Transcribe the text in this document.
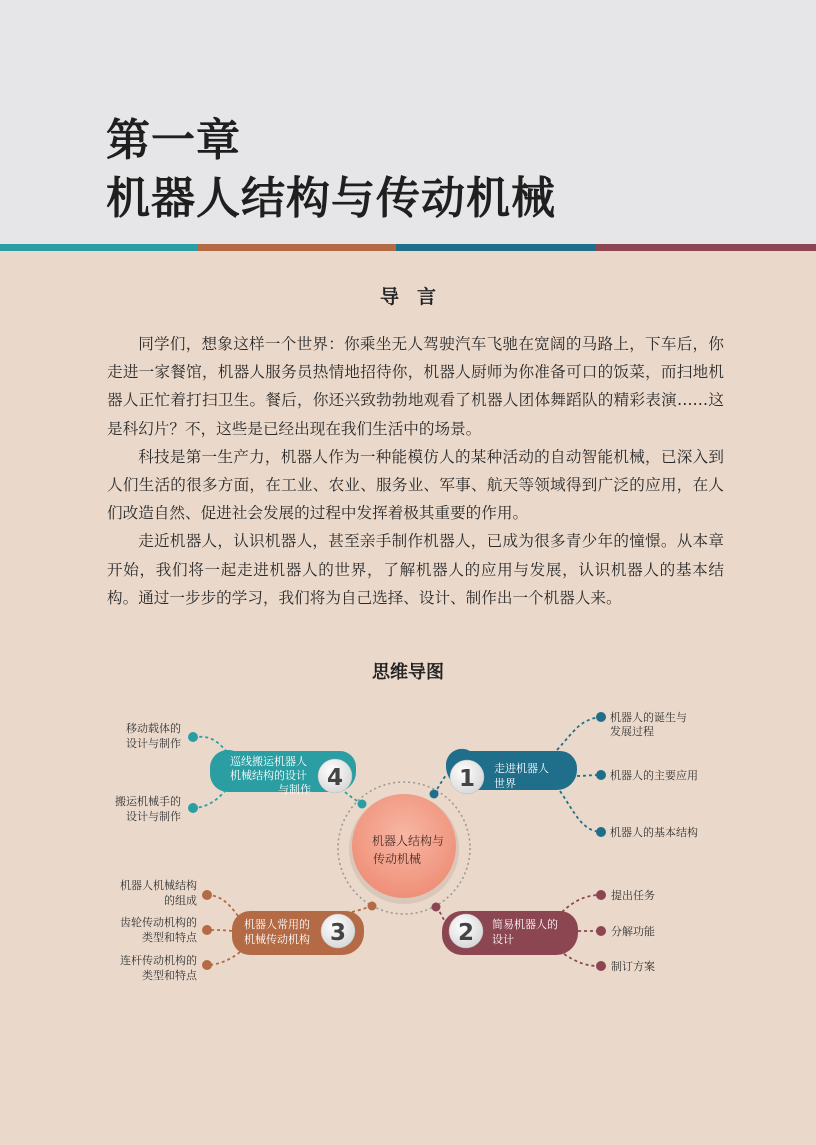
第一章
机器人结构与传动机械
导言

同学们，想象这样一个世界：你乘坐无人驾驶汽车飞驰在宽阔的马路上，下车后，你走进一家餐馆，机器人服务员热情地招待你，机器人厨师为你准备可口的饭菜，而扫地机器人正忙着打扫卫生。餐后，你还兴致勃勃地观看了机器人团体舞蹈队的精彩表演……这是科幻片？不，这些是已经出现在我们生活中的场景。

科技是第一生产力，机器人作为一种能模仿人的某种活动的自动智能机械，已深入到人们生活的很多方面，在工业、农业、服务业、军事、航天等领域得到广泛的应用，在人们改造自然、促进社会发展的过程中发挥着极其重要的作用。

走近机器人，认识机器人，甚至亲手制作机器人，已成为很多青少年的憧憬。从本章开始，我们将一起走进机器人的世界，了解机器人的应用与发展，认识机器人的基本结构。通过一步步的学习，我们将为自己选择、设计、制作出一个机器人来。

思维导图
机器人结构与
传动机械
1 走进机器人
世界
机器人的诞生与
发展过程
机器人的主要应用
机器人的基本结构
4
巡线搬运机器人
机械结构的设计
与制作
移动载体的
设计与制作
搬运机械手的
设计与制作
3
机器人常用的
机械传动机构
机器人机械结构
的组成
齿轮传动机构的
类型和特点
连杆传动机构的
类型和特点
2 简易机器人的
设计
提出任务
分解功能
制订方案
